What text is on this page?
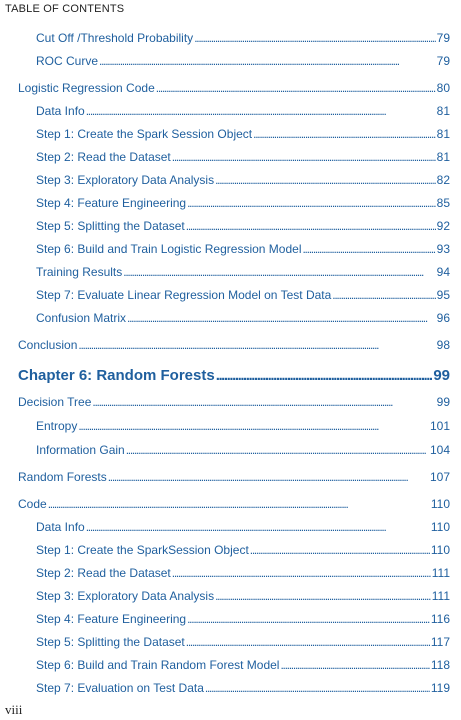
TABLE OF CONTENTS
Cut Off /Threshold Probability . . .	79
ROC Curve . . .	79
Logistic Regression Code . . .	80
Data Info . . .	81
Step 1: Create the Spark Session Object . . .	81
Step 2: Read the Dataset . . .	81
Step 3: Exploratory Data Analysis . . .	82
Step 4: Feature Engineering . . .	85
Step 5: Splitting the Dataset . . .	92
Step 6: Build and Train Logistic Regression Model . . .	93
Training Results . . .	94
Step 7: Evaluate Linear Regression Model on Test Data . . .	95
Confusion Matrix . . .	96
Conclusion . . .	98
Chapter 6: Random Forests . . .	99
Decision Tree . . .	99
Entropy . . .	101
Information Gain . . .	104
Random Forests . . .	107
Code . . .	110
Data Info . . .	110
Step 1: Create the SparkSession Object . . .	110
Step 2: Read the Dataset . . .	111
Step 3: Exploratory Data Analysis . . .	111
Step 4: Feature Engineering . . .	116
Step 5: Splitting the Dataset . . .	117
Step 6: Build and Train Random Forest Model . . .	118
Step 7: Evaluation on Test Data . . .	119
viii
